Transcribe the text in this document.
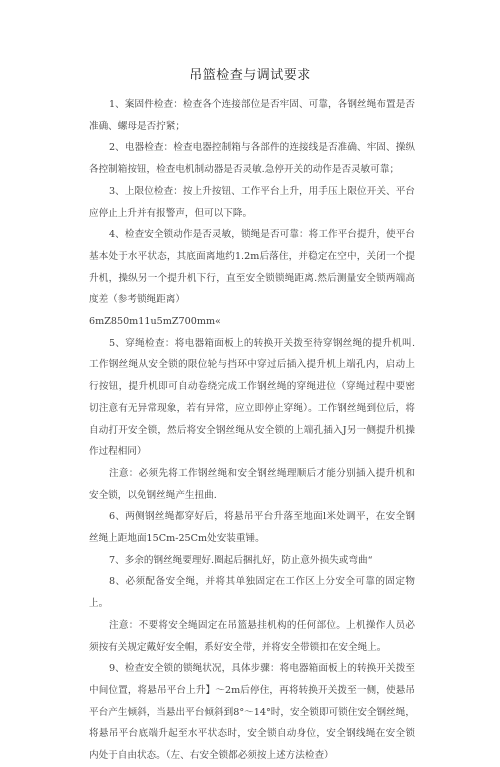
吊篮检查与调试要求

1、案固件检查：检查各个连接部位是否牢固、可靠，各钢丝绳布置是否准确、螺母是否拧紧；

2、电器检查：检查电器控制箱与各部件的连接线是否准确、牢固、操纵各控制箱按钮，检查电机制动器是否灵敏.急停开关的动作是否灵敏可靠；

3、上限位检查：按上升按钮、工作平台上升，用手压上限位开关、平台应停止上升并有报警声，但可以下降。

4、检查安全锁动作是否灵敏，锁绳是否可靠：将工作平台提升，使平台基本处于水平状态，其底面离地约1.2m后落住，并稳定在空中，关闭一个提升机，操纵另一个提升机下行，直至安全锁锁绳距离.然后测量安全锁两端高度差（参考锁绳距离）

6mZ850m11u5mZ700mm«

5、穿绳检查：将电器箱面板上的转换开关拨至待穿钢丝绳的提升机叫.工作钢丝绳从安全锁的限位轮与挡环中穿过后插入提升机上端孔内，启动上行按钮，提升机即可自动卷绕完成工作钢丝绳的穿绳进位（穿绳过程中要密切注意有无异常现象，若有异常，应立即停止穿绳）。工作钢丝绳到位后，将自动打开安全锁，然后将安全钢丝绳从安全锁的上端孔插入J另一侧提升机操作过程相同）

注意：必须先将工作钢丝绳和安全钢丝绳理顺后才能分别插入提升机和安全锁，以免钢丝绳产生扭曲.

6、两侧钢丝绳都穿好后，将悬吊平台升落至地面l米处调平，在安全钢丝绳上距地面15Cm-25Cm处安装重锤。

7、多余的钢丝绳要理好.圈起后捆扎好，防止意外损失或弯曲“

8、必须配备安全绳，并将其单独固定在工作区上分安全可靠的固定物上。

注意：不要将安全绳固定在吊篮悬挂机构的任何部位。上机操作人员必须按有关规定戴好安全帽，系好安全带，并将安全带锁扣在安全绳上。

9、检查安全锁的锁绳状况，具体步骤：将电器箱面板上的转换开关拨至中间位置，将悬吊平台上升】～2m后停住，再将转换开关拨至一侧，使悬吊平台产生倾斜，当悬出平台倾斜到8°～14°时，安全锁即可锁住安全钢丝绳，将悬吊平台底端升起至水平状态时，安全锁自动身位，安全钢线绳在安全锁内处于自由状态。（左、右安全锁都必须按上述方法检查）
